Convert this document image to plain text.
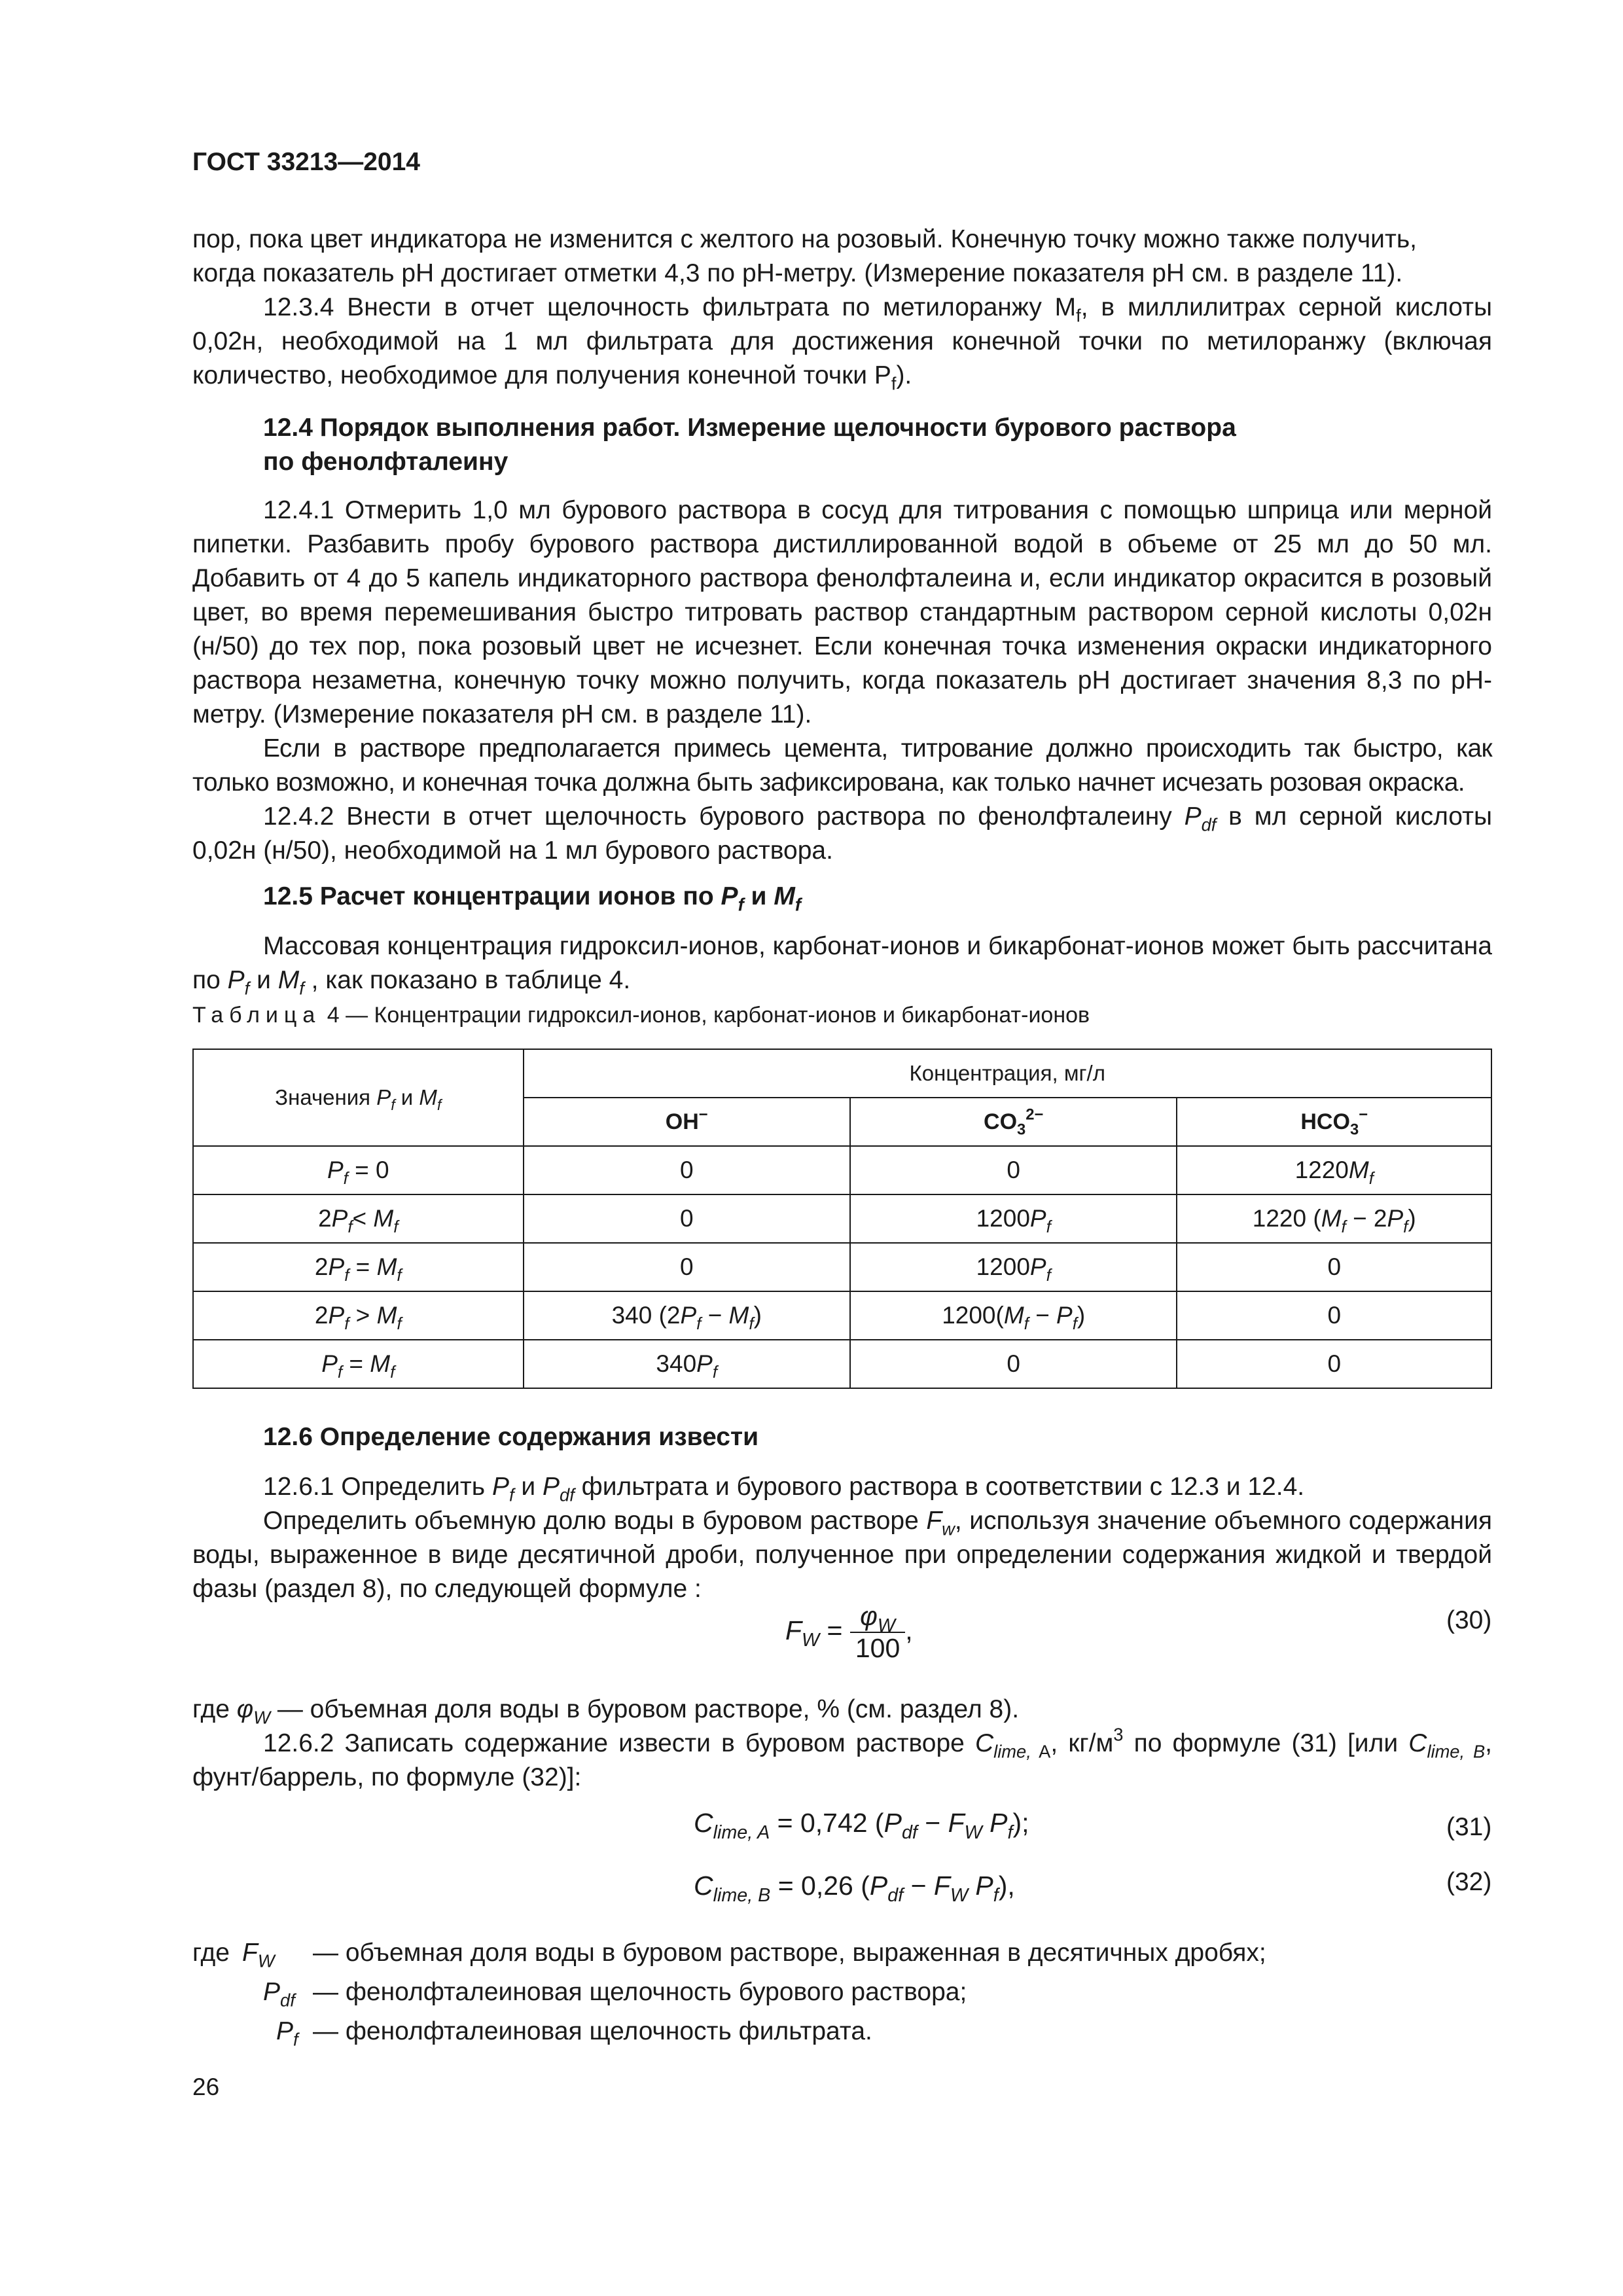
ГОСТ 33213—2014

пор, пока цвет индикатора не изменится с желтого на розовый. Конечную точку можно также получить,
когда показатель pH достигает отметки 4,3 по pH-метру. (Измерение показателя pH см. в разделе 11).

12.3.4 Внести в отчет щелочность фильтрата по метилоранжу $M_f$, в миллилитрах серной кислоты 0,02н, необходимой на 1 мл фильтрата для достижения конечной точки по метилоранжу (включая количество, необходимое для получения конечной точки $P_f$).

12.4 Порядок выполнения работ. Измерение щелочности бурового раствора
по фенолфталеину

12.4.1 Отмерить 1,0 мл бурового раствора в сосуд для титрования с помощью шприца или мерной пипетки. Разбавить пробу бурового раствора дистиллированной водой в объеме от 25 мл до 50 мл. Добавить от 4 до 5 капель индикаторного раствора фенолфталеина и, если индикатор окрасится в розовый цвет, во время перемешивания быстро титровать раствор стандартным раствором серной кислоты 0,02н (н/50) до тех пор, пока розовый цвет не исчезнет. Если конечная точка изменения окраски индикаторного раствора незаметна, конечную точку можно получить, когда показатель pH достигает значения 8,3 по pH-метру. (Измерение показателя pH см. в разделе 11).

Если в растворе предполагается примесь цемента, титрование должно происходить так быстро, как только возможно, и конечная точка должна быть зафиксирована, как только начнет исчезать розовая окраска.

12.4.2 Внести в отчет щелочность бурового раствора по фенолфталеину $P_{df}$ в мл серной кислоты 0,02н (н/50), необходимой на 1 мл бурового раствора.

12.5 Расчет концентрации ионов по $P_f$ и $M_f$

Массовая концентрация гидроксил-ионов, карбонат-ионов и бикарбонат-ионов может быть рассчитана по $P_f$ и $M_f$ , как показано в таблице 4.

Таблица 4 — Концентрации гидроксил-ионов, карбонат-ионов и бикарбонат-ионов
Значения $P_f$ и $M_f$	Концентрация, мг/л		
	OH−	$CO_3^{2-}$	$HCO_3^-$
$P_f = 0$	0	0	$1220M_f$
$2P_f< M_f$	0	$1200P_f$	1220 $(M_f - 2P_f)$
$2P_f = M_f$	0	$1200P_f$	0
$2P_f > M_f$	340 $(2P_f - M_f)$	$1200(M_f - P_f)$	0
$P_f = M_f$	$340P_f$	0	0
12.6 Определение содержания извести

12.6.1 Определить $P_f$ и $P_{df}$ фильтрата и бурового раствора в соответствии с 12.3 и 12.4.

Определить объемную долю воды в буровом растворе $F_w$, используя значение объемного содержания воды, выраженное в виде десятичной дроби, полученное при определении содержания жидкой и твердой фазы (раздел 8), по следующей формуле :

$F_W = \frac{\varphi_W}{100}$ ,	(30)

где $\varphi_W$ — объемная доля воды в буровом растворе, % (см. раздел 8).

12.6.2 Записать содержание извести в буровом растворе $C_{lime, A}$, $кг/м^3$ по формуле (31) [или $C_{lime, B}$, фунт/баррель, по формуле (32)]:

$C_{lime, A} = 0,742$ ($P_{df} - F_W$ $P_f$);	(31)
$C_{lime, B} = 0,26$ ($P_{df} - F_W$ $P_f$),	(32)
где $F_W$ — объемная доля воды в буровом растворе, выраженная в десятичных дробях;
$P_{df}$ — фенолфталеиновая щелочность бурового раствора;
$P_f$ — фенолфталеиновая щелочность фильтрата.
26
